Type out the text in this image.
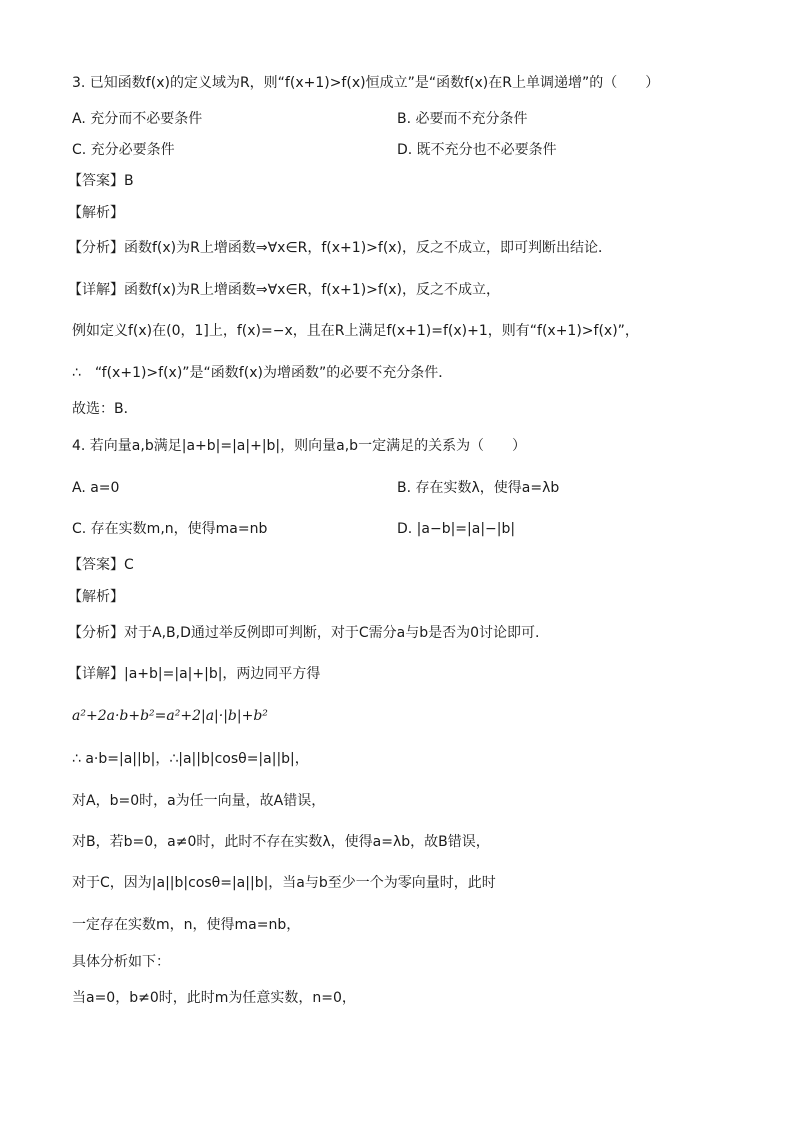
3. 已知函数f(x)的定义域为R，则“f(x+1)>f(x)恒成立”是“函数f(x)在R上单调递增”的（　　）
A. 充分而不必要条件	B. 必要而不充分条件
C. 充分必要条件	D. 既不充分也不必要条件
【答案】B
【解析】
【分析】函数f(x)为R上增函数⇒∀x∈R，f(x+1)>f(x)，反之不成立，即可判断出结论．
【详解】函数f(x)为R上增函数⇒∀x∈R，f(x+1)>f(x)，反之不成立，
例如定义f(x)在(0，1]上，f(x)=−x，且在R上满足f(x+1)=f(x)+1，则有“f(x+1)>f(x)”，
∴　“f(x+1)>f(x)”是“函数f(x)为增函数”的必要不充分条件．
故选：B．
4. 若向量a,b满足|a+b|=|a|+|b|，则向量a,b一定满足的关系为（　　）
A. a=0	B. 存在实数λ，使得a=λb
C. 存在实数m,n，使得ma=nb	D. |a−b|=|a|−|b|
【答案】C
【解析】
【分析】对于A,B,D通过举反例即可判断，对于C需分a与b是否为0讨论即可.
【详解】|a+b|=|a|+|b|，两边同平方得
a²+2a·b+b²=a²+2|a|·|b|+b²
∴ a·b=|a||b|，∴|a||b|cosθ=|a||b|，
对A，b=0时，a为任一向量，故A错误，
对B，若b=0，a≠0时，此时不存在实数λ，使得a=λb，故B错误，
对于C，因为|a||b|cosθ=|a||b|，当a与b至少一个为零向量时，此时
一定存在实数m，n，使得ma=nb，
具体分析如下：
当a=0，b≠0时，此时m为任意实数，n=0，
